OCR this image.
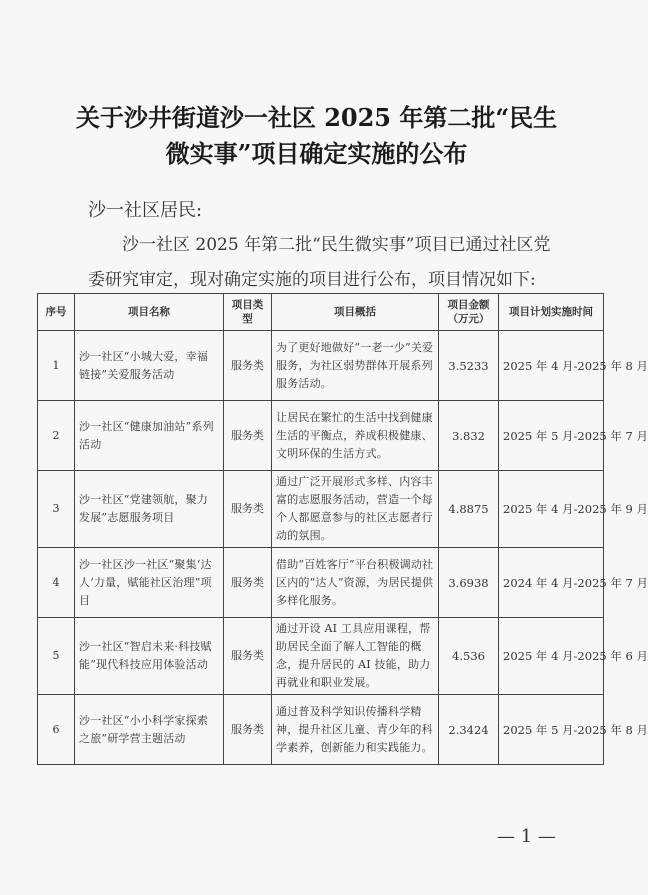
关于沙井街道沙一社区 2025 年第二批“民生
微实事”项目确定实施的公布
沙一社区居民:
沙一社区 2025 年第二批“民生微实事”项目已通过社区党委研究审定，现对确定实施的项目进行公布，项目情况如下:
序号	项目名称	项目类型	项目概括	项目金额（万元）	项目计划实施时间
1	沙一社区“小城大爱，幸福链接”关爱服务活动	服务类	为了更好地做好“一老一少”关爱服务，为社区弱势群体开展系列服务活动。	3.5233	2025 年 4 月-2025 年 8 月
2	沙一社区“健康加油站”系列活动	服务类	让居民在繁忙的生活中找到健康生活的平衡点，养成积极健康、文明环保的生活方式。	3.832	2025 年 5 月-2025 年 7 月
3	沙一社区“党建领航，聚力发展”志愿服务项目	服务类	通过广泛开展形式多样、内容丰富的志愿服务活动，营造一个每个人都愿意参与的社区志愿者行动的氛围。	4.8875	2025 年 4 月-2025 年 9 月
4	沙一社区沙一社区“聚集‘达人’力量，赋能社区治理”项目	服务类	借助“百姓客厅”平台积极调动社区内的“达人”资源，为居民提供多样化服务。	3.6938	2024 年 4 月-2025 年 7 月
5	沙一社区“智启未来·科技赋能”现代科技应用体验活动	服务类	通过开设 AI 工具应用课程，帮助居民全面了解人工智能的概念，提升居民的 AI 技能，助力再就业和职业发展。	4.536	2025 年 4 月-2025 年 6 月
6	沙一社区“小小科学家探索之旅”研学营主题活动	服务类	通过普及科学知识传播科学精神，提升社区儿童、青少年的科学素养，创新能力和实践能力。	2.3424	2025 年 5 月-2025 年 8 月
— 1 —
